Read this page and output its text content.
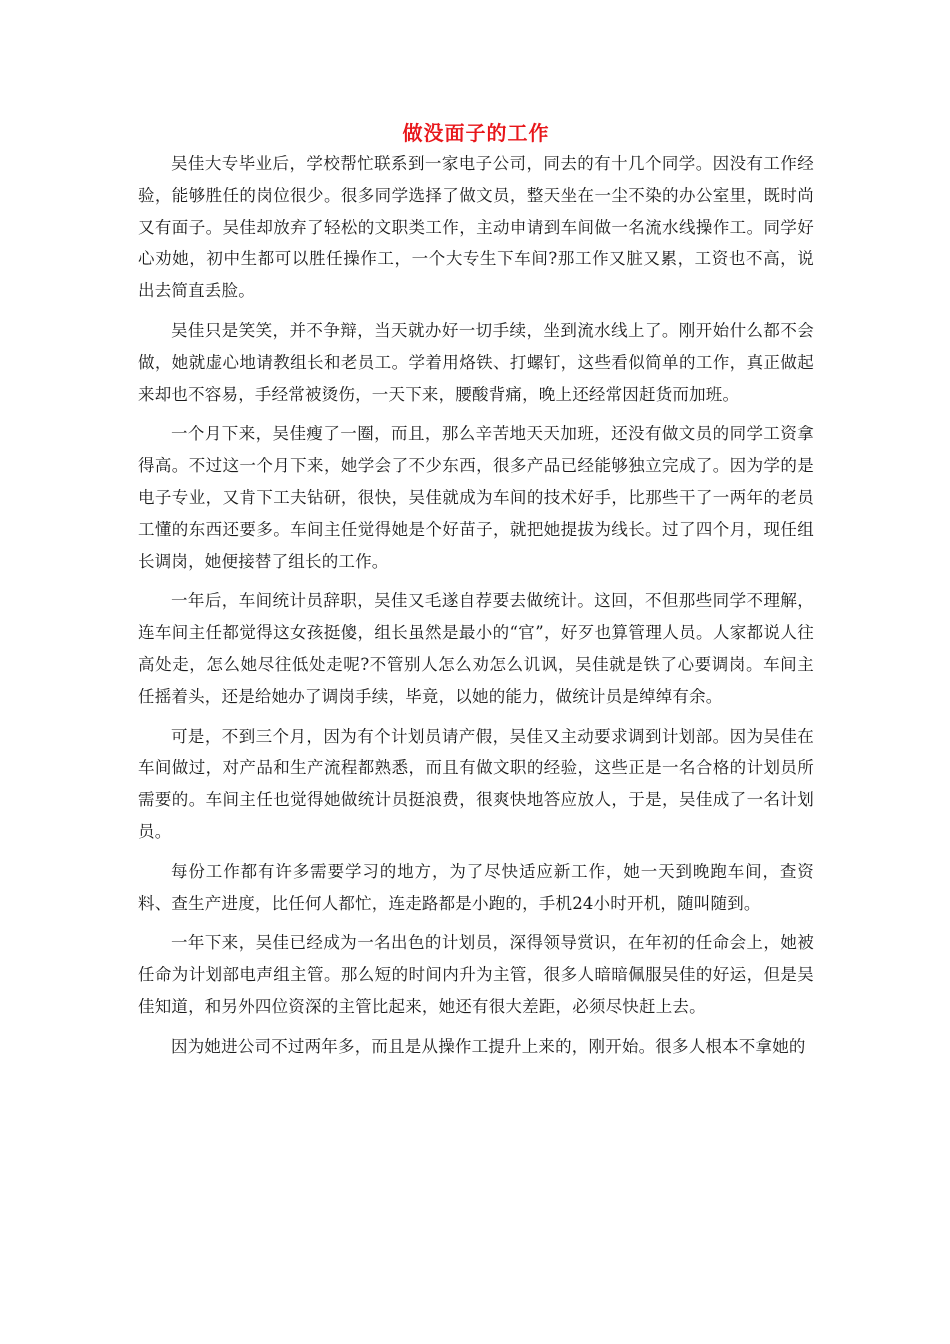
做没面子的工作

吴佳大专毕业后，学校帮忙联系到一家电子公司，同去的有十几个同学。因没有工作经验，能够胜任的岗位很少。很多同学选择了做文员，整天坐在一尘不染的办公室里，既时尚又有面子。吴佳却放弃了轻松的文职类工作，主动申请到车间做一名流水线操作工。同学好心劝她，初中生都可以胜任操作工，一个大专生下车间?那工作又脏又累，工资也不高，说出去简直丢脸。

吴佳只是笑笑，并不争辩，当天就办好一切手续，坐到流水线上了。刚开始什么都不会做，她就虚心地请教组长和老员工。学着用烙铁、打螺钉，这些看似简单的工作，真正做起来却也不容易，手经常被烫伤，一天下来，腰酸背痛，晚上还经常因赶货而加班。

一个月下来，吴佳瘦了一圈，而且，那么辛苦地天天加班，还没有做文员的同学工资拿得高。不过这一个月下来，她学会了不少东西，很多产品已经能够独立完成了。因为学的是电子专业，又肯下工夫钻研，很快，吴佳就成为车间的技术好手，比那些干了一两年的老员工懂的东西还要多。车间主任觉得她是个好苗子，就把她提拔为线长。过了四个月，现任组长调岗，她便接替了组长的工作。

一年后，车间统计员辞职，吴佳又毛遂自荐要去做统计。这回，不但那些同学不理解，连车间主任都觉得这女孩挺傻，组长虽然是最小的“官”，好歹也算管理人员。人家都说人往高处走，怎么她尽往低处走呢?不管别人怎么劝怎么讥讽，吴佳就是铁了心要调岗。车间主任摇着头，还是给她办了调岗手续，毕竟，以她的能力，做统计员是绰绰有余。

可是，不到三个月，因为有个计划员请产假，吴佳又主动要求调到计划部。因为吴佳在车间做过，对产品和生产流程都熟悉，而且有做文职的经验，这些正是一名合格的计划员所需要的。车间主任也觉得她做统计员挺浪费，很爽快地答应放人，于是，吴佳成了一名计划员。

每份工作都有许多需要学习的地方，为了尽快适应新工作，她一天到晚跑车间，查资料、查生产进度，比任何人都忙，连走路都是小跑的，手机24小时开机，随叫随到。

一年下来，吴佳已经成为一名出色的计划员，深得领导赏识，在年初的任命会上，她被任命为计划部电声组主管。那么短的时间内升为主管，很多人暗暗佩服吴佳的好运，但是吴佳知道，和另外四位资深的主管比起来，她还有很大差距，必须尽快赶上去。

因为她进公司不过两年多，而且是从操作工提升上来的，刚开始。很多人根本不拿她的
